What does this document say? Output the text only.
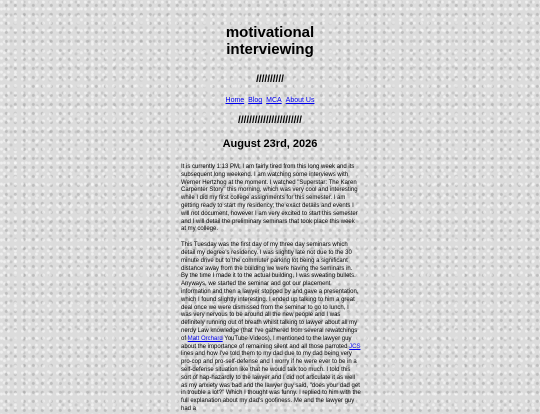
motivational
interviewing
//////////
Home Blog MCA About Us
///////////////////////
August 23rd, 2026

It is currently 1:13 PM; I am fairly tired from this long week and its subsequent long weekend. I am watching some interviews with Werner Hertzhog at the moment. I watched "Superstar: The Karen Carpenter Story" this morning, which was very cool and interesting while I did my first college assignments for this semester. I am getting ready to start my residency; the exact details and events I will not document, however I am very excited to start this semester and I will detail the preliminary seminars that took place this week at my college.

This Tuesday was the first day of my three day seminars which detail my degree's residency. I was slightly late not due to the 30 minute drive but to the commuter parking lot being a significant distance away from the building we were having the seminars in. By the time I made it to the actual building, I was sweating bullets. Anyways, we started the seminar and got our placement information and then a lawyer stopped by and gave a presentation, which I found slightly interesting. I ended up talking to him a great deal once we were dismissed from the seminar to go to lunch, I was very nervous to be around all the new people and I was definitely running out of breath whilst talking to lawyer about all my nerdy Law knowledge (that I've gathered from several rewatchings of Matt Orchard YouTube Videos). I mentioned to the lawyer guy about the importance of remaining silent and all those parroted JCS lines and how I've told them to my dad due to my dad being very pro-cop and pro-self-defense and I worry if he were ever to be in a self-defense situation like that he would talk too much. I told this sort of hap-hazardly to the lawyer and I did not articulate it as well as my anxiety was bad and the lawyer guy said, "does your dad get in trouble a lot?" Which I thought was funny. I replied to him with the full explanation about my dad's goofiness. Me and the lawyer guy had a
